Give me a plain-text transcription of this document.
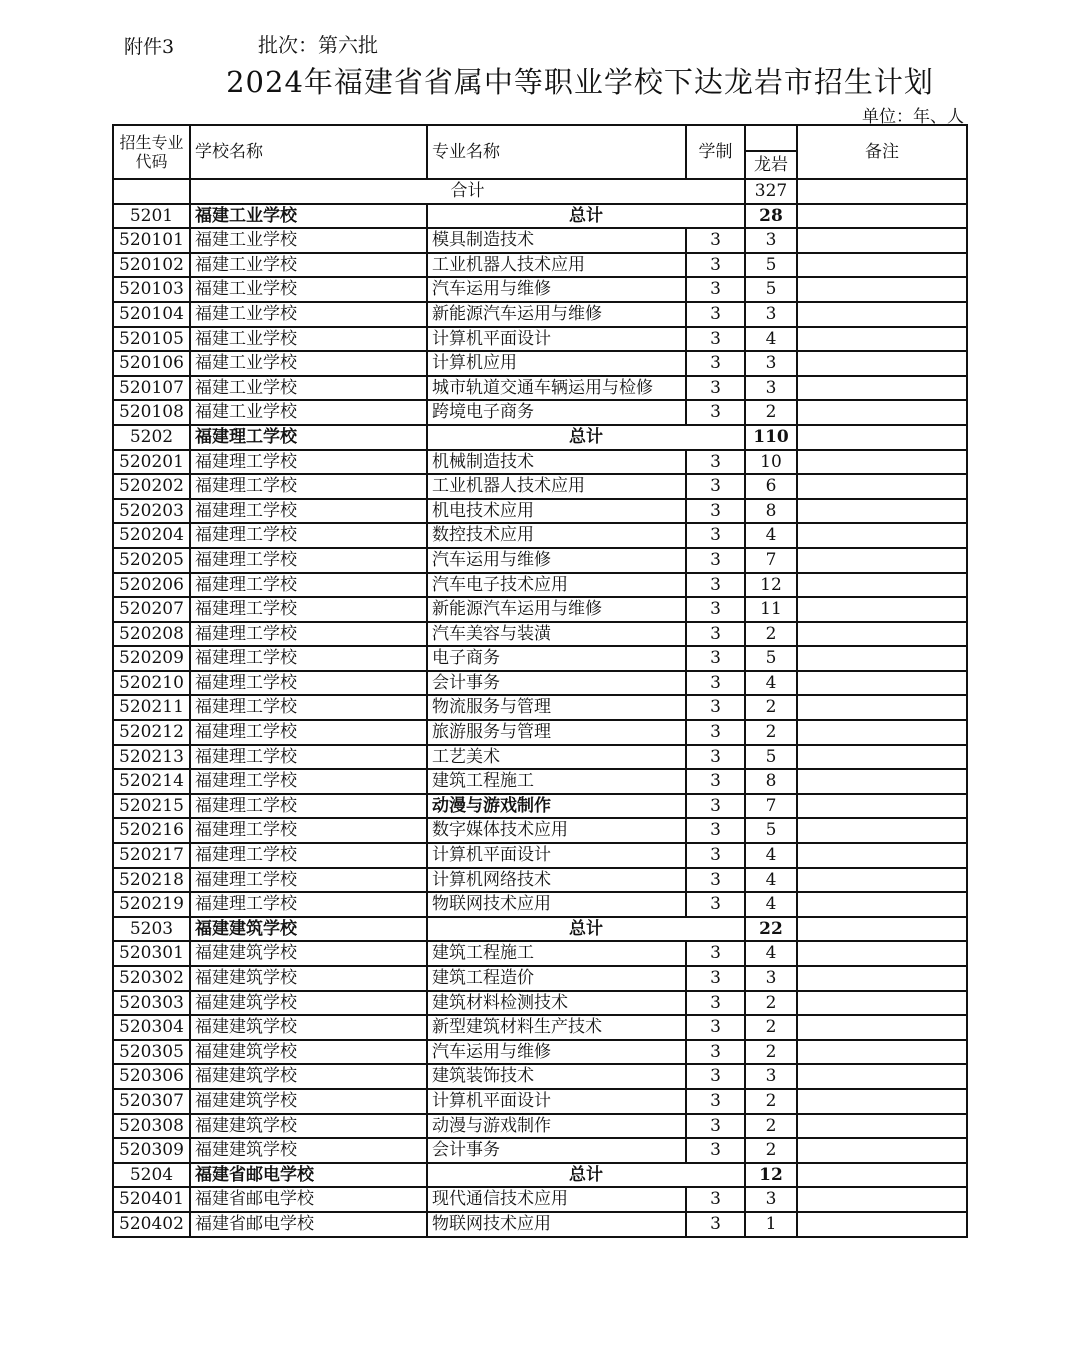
附件3	批次：第六批
2024年福建省省属中等职业学校下达龙岩市招生计划
单位：年、人
招生专业代码	学校名称	专业名称	学制		备注
				龙岩	
	合计			327	
5201	福建工业学校	总计		28	
520101	福建工业学校	模具制造技术	3	3	
520102	福建工业学校	工业机器人技术应用	3	5	
520103	福建工业学校	汽车运用与维修	3	5	
520104	福建工业学校	新能源汽车运用与维修	3	3	
520105	福建工业学校	计算机平面设计	3	4	
520106	福建工业学校	计算机应用	3	3	
520107	福建工业学校	城市轨道交通车辆运用与检修	3	3	
520108	福建工业学校	跨境电子商务	3	2	
5202	福建理工学校	总计		110	
520201	福建理工学校	机械制造技术	3	10	
520202	福建理工学校	工业机器人技术应用	3	6	
520203	福建理工学校	机电技术应用	3	8	
520204	福建理工学校	数控技术应用	3	4	
520205	福建理工学校	汽车运用与维修	3	7	
520206	福建理工学校	汽车电子技术应用	3	12	
520207	福建理工学校	新能源汽车运用与维修	3	11	
520208	福建理工学校	汽车美容与装潢	3	2	
520209	福建理工学校	电子商务	3	5	
520210	福建理工学校	会计事务	3	4	
520211	福建理工学校	物流服务与管理	3	2	
520212	福建理工学校	旅游服务与管理	3	2	
520213	福建理工学校	工艺美术	3	5	
520214	福建理工学校	建筑工程施工	3	8	
520215	福建理工学校	动漫与游戏制作	3	7	
520216	福建理工学校	数字媒体技术应用	3	5	
520217	福建理工学校	计算机平面设计	3	4	
520218	福建理工学校	计算机网络技术	3	4	
520219	福建理工学校	物联网技术应用	3	4	
5203	福建建筑学校	总计		22	
520301	福建建筑学校	建筑工程施工	3	4	
520302	福建建筑学校	建筑工程造价	3	3	
520303	福建建筑学校	建筑材料检测技术	3	2	
520304	福建建筑学校	新型建筑材料生产技术	3	2	
520305	福建建筑学校	汽车运用与维修	3	2	
520306	福建建筑学校	建筑装饰技术	3	3	
520307	福建建筑学校	计算机平面设计	3	2	
520308	福建建筑学校	动漫与游戏制作	3	2	
520309	福建建筑学校	会计事务	3	2	
5204	福建省邮电学校	总计		12	
520401	福建省邮电学校	现代通信技术应用	3	3	
520402	福建省邮电学校	物联网技术应用	3	1	
